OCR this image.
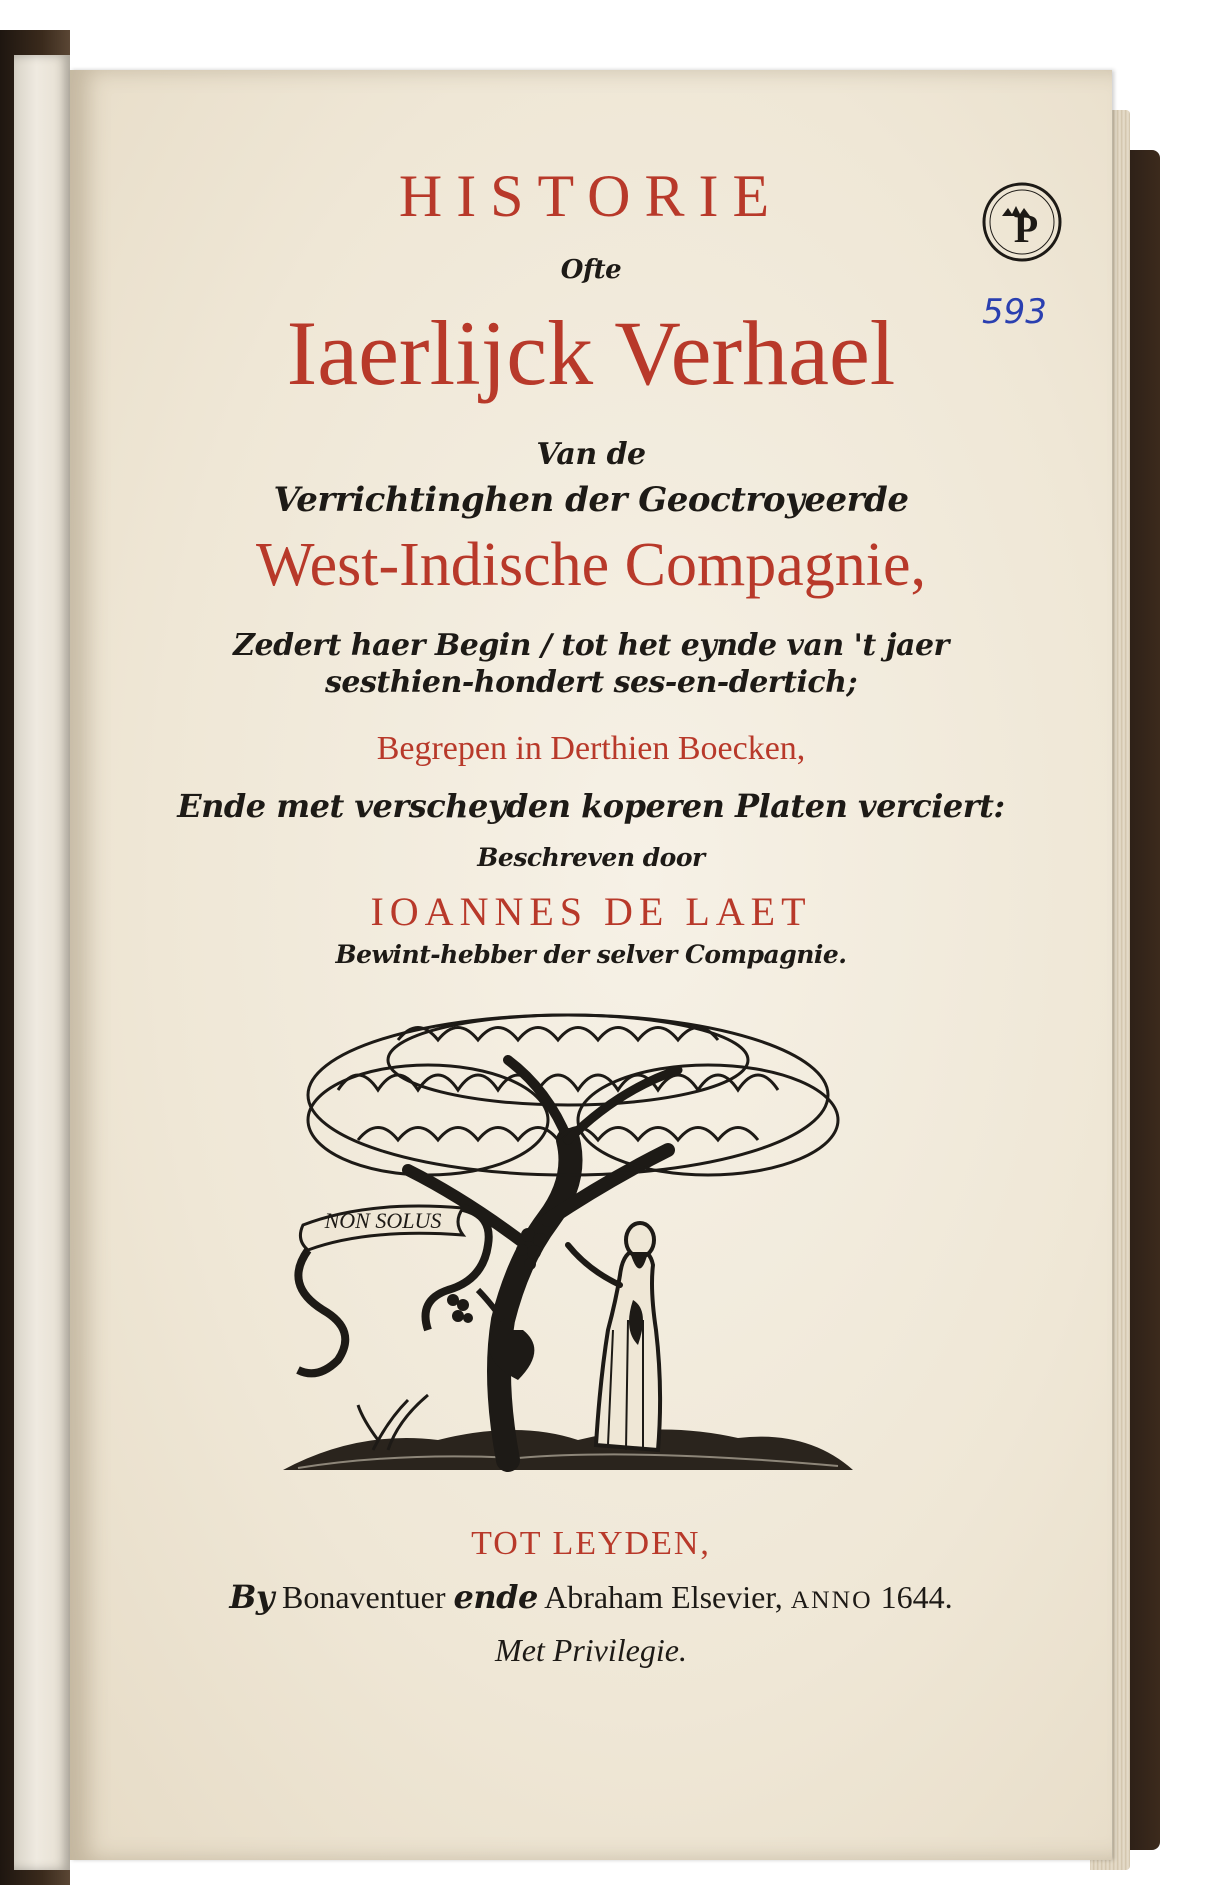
HISTORIE
Ofte
Iaerlijck Verhael
Van de
Verrichtinghen der Geoctroyeerde
West-Indische Compagnie,
Zedert haer Begin / tot het eynde van 't jaer
sesthien-hondert ses-en-dertich;
Begrepen in Derthien Boecken,
Ende met verscheyden koperen Platen verciert:
Beschreven door
IOANNES DE LAET
Bewint-hebber der selver Compagnie.
NON SOLUS
TOT LEYDEN,
By Bonaventuer ende Abraham Elsevier, ANNO 1644.
Met Privilegie.
P
593
